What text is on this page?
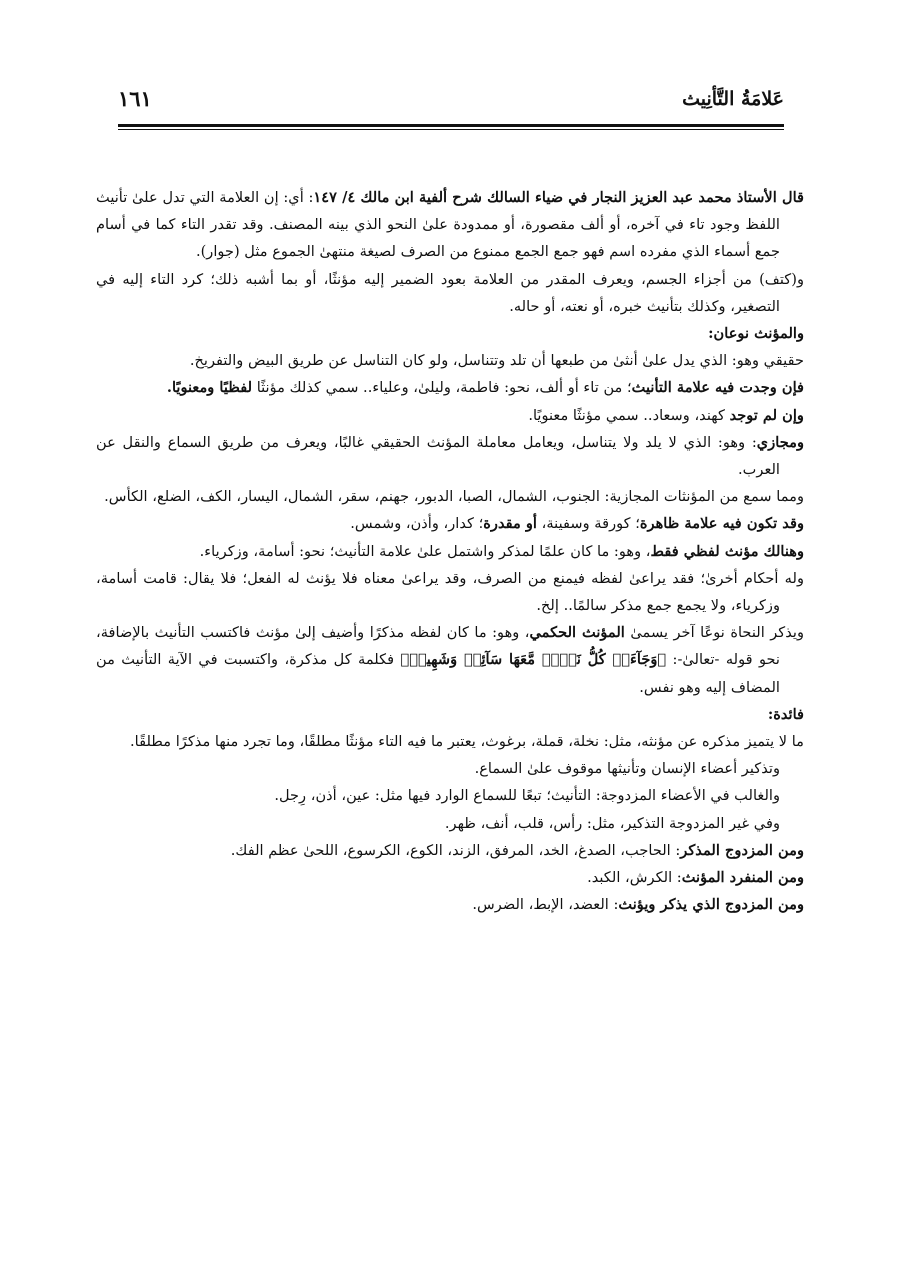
عَلامَةُ التَّأنِيث
١٦١

قال الأستاذ محمد عبد العزيز النجار في ضياء السالك شرح ألفية ابن مالك ٤/ ١٤٧: أي: إن العلامة التي تدل علىٰ تأنيث اللفظ وجود تاء في آخره، أو ألف مقصورة، أو ممدودة علىٰ النحو الذي بينه المصنف. وقد تقدر التاء كما في أسام جمع أسماء الذي مفرده اسم فهو جمع الجمع ممنوع من الصرف لصيغة منتهىٰ الجموع مثل (جوار).

و(كتف) من أجزاء الجسم، ويعرف المقدر من العلامة بعود الضمير إليه مؤنثًا، أو بما أشبه ذلك؛ كرد التاء إليه في التصغير، وكذلك بتأنيث خبره، أو نعته، أو حاله.

والمؤنث نوعان:

حقيقي وهو: الذي يدل علىٰ أنثىٰ من طبعها أن تلد وتتناسل، ولو كان التناسل عن طريق البيض والتفريخ.

فإن وجدت فيه علامة التأنيث؛ من تاء أو ألف، نحو: فاطمة، وليلىٰ، وعلياء.. سمي كذلك مؤنثًا لفظيًا ومعنويًا.

وإن لم توجد كهند، وسعاد.. سمي مؤنثًا معنويًا.

ومجازي: وهو: الذي لا يلد ولا يتناسل، ويعامل معاملة المؤنث الحقيقي غالبًا، ويعرف من طريق السماع والنقل عن العرب.

ومما سمع من المؤنثات المجازية: الجنوب، الشمال، الصبا، الدبور، جهنم، سقر، الشمال، اليسار، الكف، الضلع، الكأس.

وقد تكون فيه علامة ظاهرة؛ كورقة وسفينة، أو مقدرة؛ كدار، وأذن، وشمس.

وهنالك مؤنث لفظي فقط، وهو: ما كان علمًا لمذكر واشتمل علىٰ علامة التأنيث؛ نحو: أسامة، وزكرياء.

وله أحكام أخرىٰ؛ فقد يراعىٰ لفظه فيمنع من الصرف، وقد يراعىٰ معناه فلا يؤنث له الفعل؛ فلا يقال: قامت أسامة، وزكرياء، ولا يجمع جمع مذكر سالمًا.. إلخ.

ويذكر النحاة نوعًا آخر يسمىٰ المؤنث الحكمي، وهو: ما كان لفظه مذكرًا وأضيف إلىٰ مؤنث فاكتسب التأنيث بالإضافة، نحو قوله -تعالىٰ-: ﴿وَجَآءَتۡ كُلُّ نَفۡسٖ مَّعَهَا سَآئِقٞ وَشَهِيدٞ﴾ فكلمة كل مذكرة، واكتسبت في الآية التأنيث من المضاف إليه وهو نفس.

فائدة:

ما لا يتميز مذكره عن مؤنثه، مثل: نخلة، قملة، برغوث، يعتبر ما فيه التاء مؤنثًا مطلقًا، وما تجرد منها مذكرًا مطلقًا.

وتذكير أعضاء الإنسان وتأنيثها موقوف علىٰ السماع.

والغالب في الأعضاء المزدوجة: التأنيث؛ تبعًا للسماع الوارد فيها مثل: عين، أذن، رِجل.

وفي غير المزدوجة التذكير، مثل: رأس، قلب، أنف، ظهر.

ومن المزدوج المذكر: الحاجب، الصدغ، الخد، المرفق، الزند، الكوع، الكرسوع، اللحىٰ عظم الفك.

ومن المنفرد المؤنث: الكرش، الكبد.

ومن المزدوج الذي يذكر ويؤنث: العضد، الإبط، الضرس.
